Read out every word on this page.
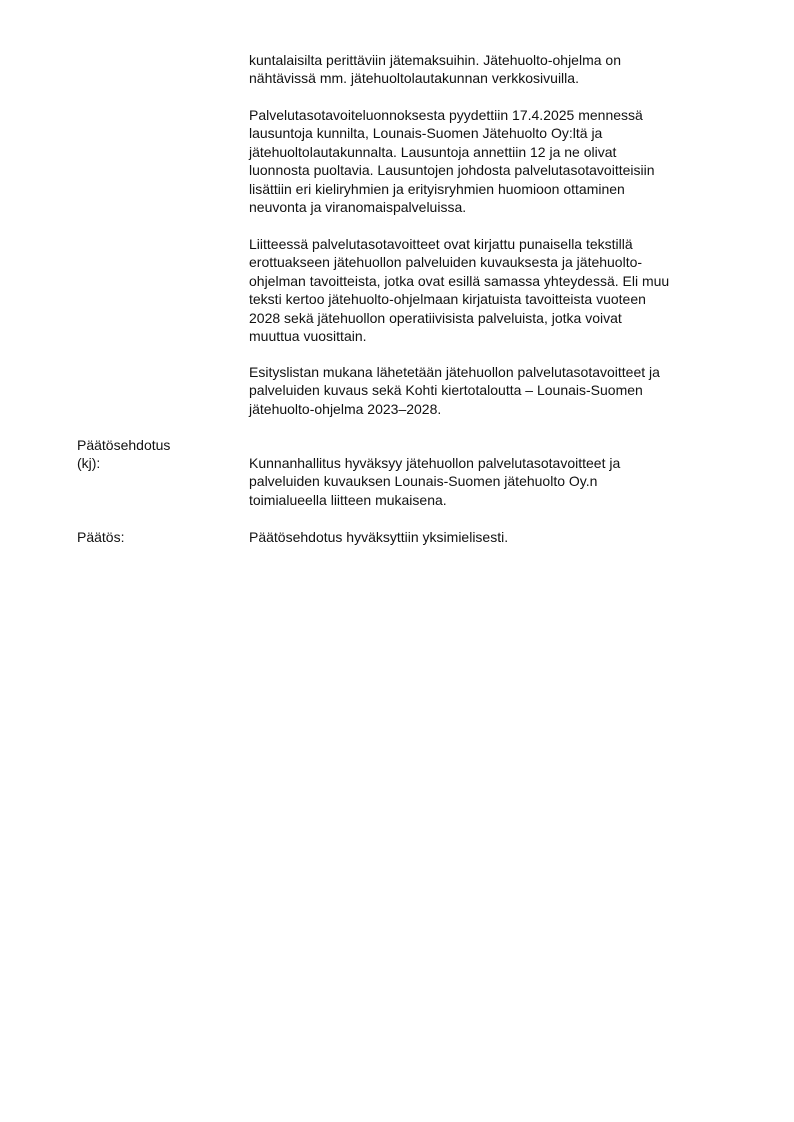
kuntalaisilta perittäviin jätemaksuihin. Jätehuolto-ohjelma on
nähtävissä mm. jätehuoltolautakunnan verkkosivuilla.

Palvelutasotavoiteluonnoksesta pyydettiin 17.4.2025 mennessä
lausuntoja kunnilta, Lounais-Suomen Jätehuolto Oy:ltä ja
jätehuoltolautakunnalta. Lausuntoja annettiin 12 ja ne olivat
luonnosta puoltavia. Lausuntojen johdosta palvelutasotavoitteisiin
lisättiin eri kieliryhmien ja erityisryhmien huomioon ottaminen
neuvonta ja viranomaispalveluissa.

Liitteessä palvelutasotavoitteet ovat kirjattu punaisella tekstillä
erottuakseen jätehuollon palveluiden kuvauksesta ja jätehuolto-
ohjelman tavoitteista, jotka ovat esillä samassa yhteydessä. Eli muu
teksti kertoo jätehuolto-ohjelmaan kirjatuista tavoitteista vuoteen
2028 sekä jätehuollon operatiivisista palveluista, jotka voivat
muuttua vuosittain.

Esityslistan mukana lähetetään jätehuollon palvelutasotavoitteet ja
palveluiden kuvaus sekä Kohti kiertotaloutta – Lounais-Suomen
jätehuolto-ohjelma 2023–2028.

Päätösehdotus
(kj):	Kunnanhallitus hyväksyy jätehuollon palvelutasotavoitteet ja
palveluiden kuvauksen Lounais-Suomen jätehuolto Oy.n
toimialueella liitteen mukaisena.

Päätös:	Päätösehdotus hyväksyttiin yksimielisesti.
